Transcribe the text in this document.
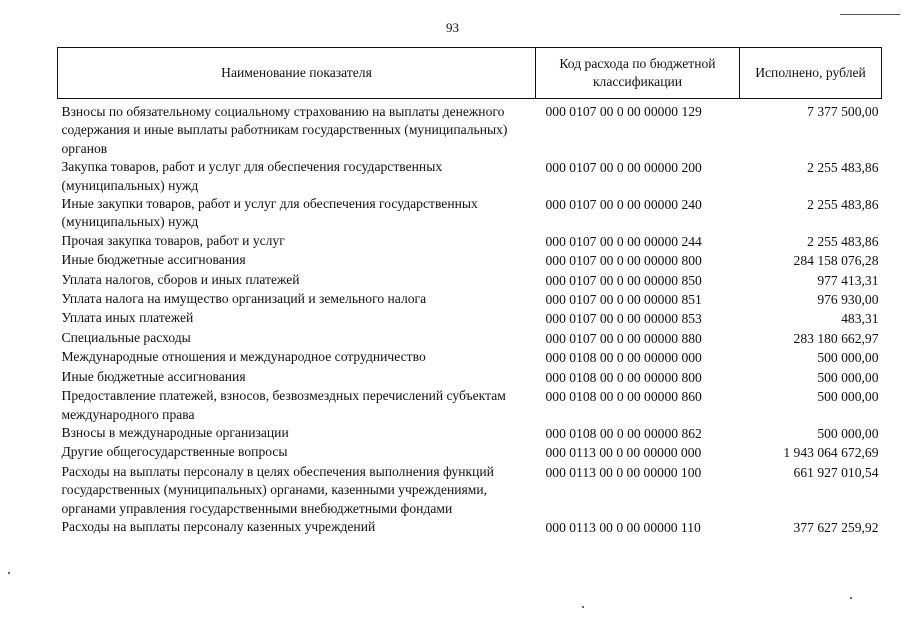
93
Наименование показателя	Код расхода по бюджетной классификации	Исполнено, рублей
Взносы по обязательному социальному страхованию на выплаты денежного содержания и иные выплаты работникам государственных (муниципальных) органов	000 0107 00 0 00 00000 129	7 377 500,00
Закупка товаров, работ и услуг для обеспечения государственных (муниципальных) нужд	000 0107 00 0 00 00000 200	2 255 483,86
Иные закупки товаров, работ и услуг для обеспечения государственных (муниципальных) нужд	000 0107 00 0 00 00000 240	2 255 483,86
Прочая закупка товаров, работ и услуг	000 0107 00 0 00 00000 244	2 255 483,86
Иные бюджетные ассигнования	000 0107 00 0 00 00000 800	284 158 076,28
Уплата налогов, сборов и иных платежей	000 0107 00 0 00 00000 850	977 413,31
Уплата налога на имущество организаций и земельного налога	000 0107 00 0 00 00000 851	976 930,00
Уплата иных платежей	000 0107 00 0 00 00000 853	483,31
Специальные расходы	000 0107 00 0 00 00000 880	283 180 662,97
Международные отношения и международное сотрудничество	000 0108 00 0 00 00000 000	500 000,00
Иные бюджетные ассигнования	000 0108 00 0 00 00000 800	500 000,00
Предоставление платежей, взносов, безвозмездных перечислений субъектам международного права	000 0108 00 0 00 00000 860	500 000,00
Взносы в международные организации	000 0108 00 0 00 00000 862	500 000,00
Другие общегосударственные вопросы	000 0113 00 0 00 00000 000	1 943 064 672,69
Расходы на выплаты персоналу в целях обеспечения выполнения функций государственных (муниципальных) органами, казенными учреждениями, органами управления государственными внебюджетными фондами	000 0113 00 0 00 00000 100	661 927 010,54
Расходы на выплаты персоналу казенных учреждений	000 0113 00 0 00 00000 110	377 627 259,92
